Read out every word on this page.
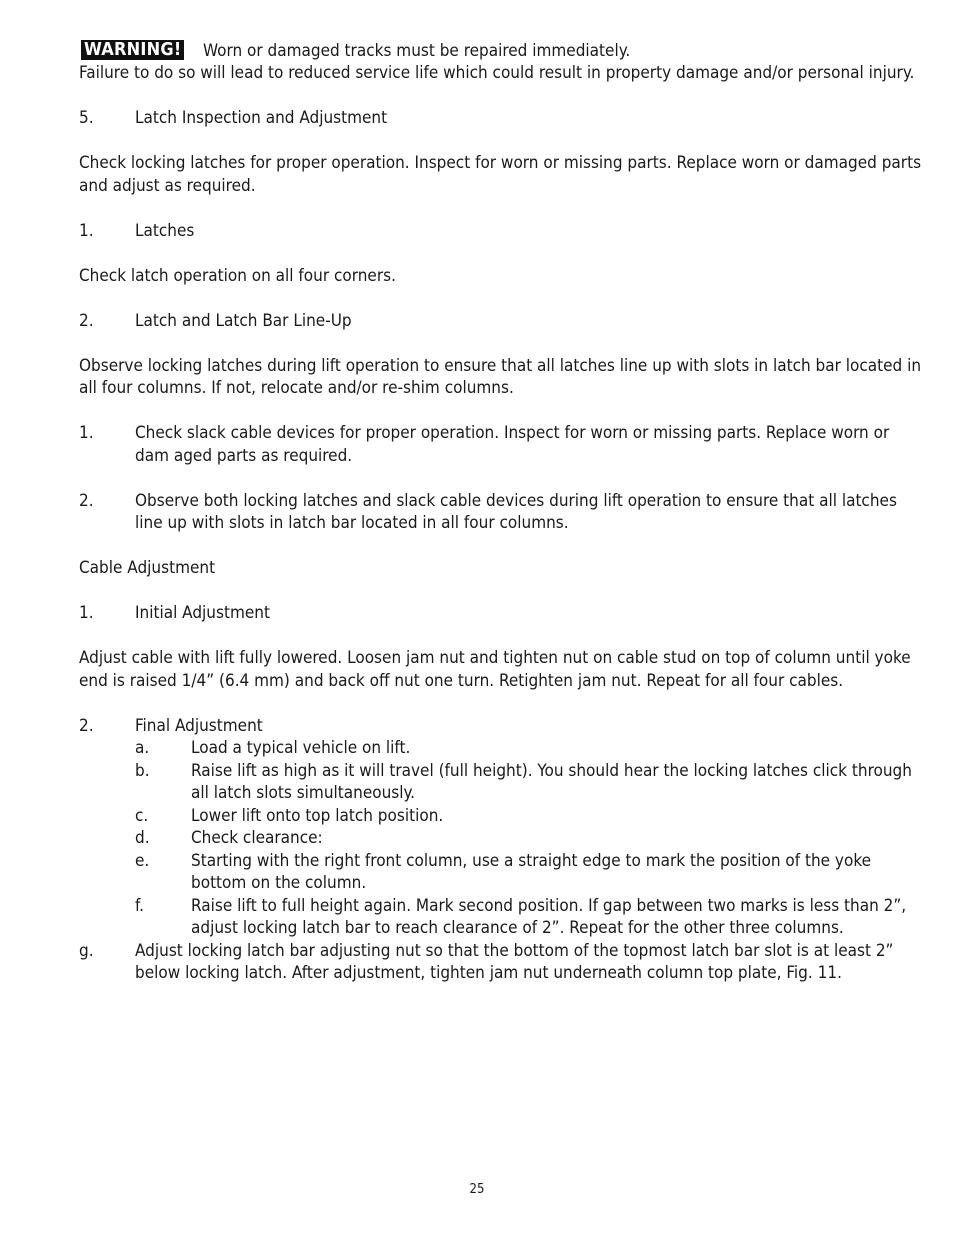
WARNING! Worn or damaged tracks must be repaired immediately.

Failure to do so will lead to reduced service life which could result in property damage and/or personal injury.

5.	Latch Inspection and Adjustment

Check locking latches for proper operation. Inspect for worn or missing parts. Replace worn or damaged parts and adjust as required.

1.	Latches

Check latch operation on all four corners.

2.	Latch and Latch Bar Line-Up

Observe locking latches during lift operation to ensure that all latches line up with slots in latch bar located in all four columns. If not, relocate and/or re-shim columns.

1.	Check slack cable devices for proper operation. Inspect for worn or missing parts. Replace worn or dam aged parts as required.
2.	Observe both locking latches and slack cable devices during lift operation to ensure that all latches line up with slots in latch bar located in all four columns.

Cable Adjustment

1.	Initial Adjustment

Adjust cable with lift fully lowered. Loosen jam nut and tighten nut on cable stud on top of column until yoke end is raised 1/4” (6.4 mm) and back off nut one turn. Retighten jam nut. Repeat for all four cables.

2.	Final Adjustment
a.	Load a typical vehicle on lift.
b.	Raise lift as high as it will travel (full height). You should hear the locking latches click through all latch slots simultaneously.
c.	Lower lift onto top latch position.
d.	Check clearance:
e.	Starting with the right front column, use a straight edge to mark the position of the yoke bottom on the column.
f.	Raise lift to full height again. Mark second position. If gap between two marks is less than 2”, adjust locking latch bar to reach clearance of 2”. Repeat for the other three columns.
g.	Adjust locking latch bar adjusting nut so that the bottom of the topmost latch bar slot is at least 2” below locking latch. After adjustment, tighten jam nut underneath column top plate, Fig. 11.
25
